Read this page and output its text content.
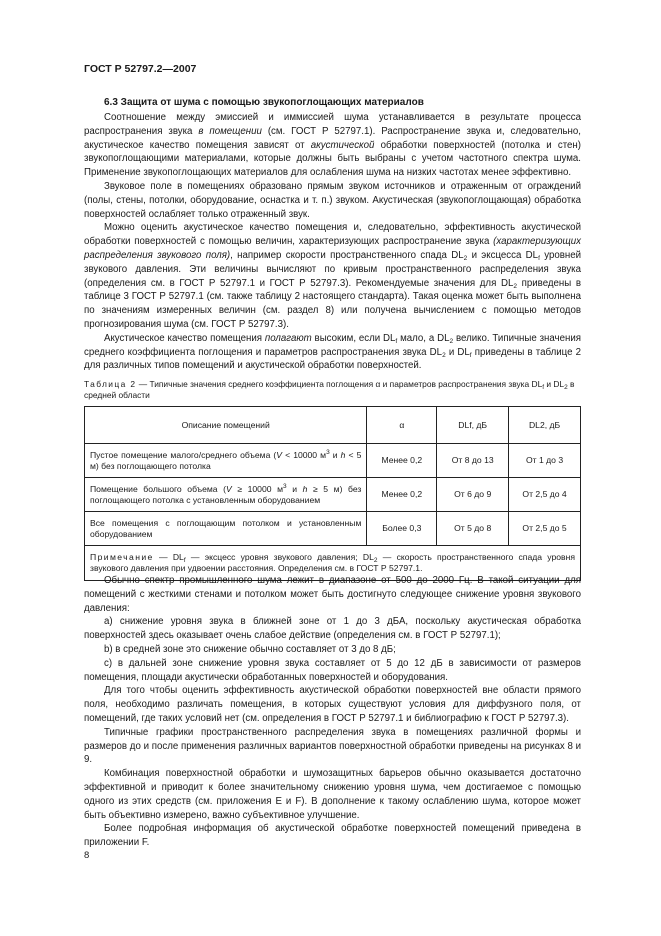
ГОСТ Р 52797.2—2007
6.3 Защита от шума с помощью звукопоглощающих материалов

Соотношение между эмиссией и иммиссией шума устанавливается в результате процесса распространения звука в помещении (см. ГОСТ Р 52797.1). Распространение звука и, следовательно, акустическое качество помещения зависят от акустической обработки поверхностей (потолка и стен) звукопоглощающими материалами, которые должны быть выбраны с учетом частотного спектра шума. Применение звукопоглощающих материалов для ослабления шума на низких частотах менее эффективно.

Звуковое поле в помещениях образовано прямым звуком источников и отраженным от ограждений (полы, стены, потолки, оборудование, оснастка и т. п.) звуком. Акустическая (звукопоглощающая) обработка поверхностей ослабляет только отраженный звук.

Можно оценить акустическое качество помещения и, следовательно, эффективность акустической обработки поверхностей с помощью величин, характеризующих распространение звука (характеризующих распределения звукового поля), например скорости пространственного спада $DL_2$ и эксцесса $DL_f$ уровней звукового давления. Эти величины вычисляют по кривым пространственного распределения звука (определения см. в ГОСТ Р 52797.1 и ГОСТ Р 52797.3). Рекомендуемые значения для $DL_2$ приведены в таблице 3 ГОСТ Р 52797.1 (см. также таблицу 2 настоящего стандарта). Такая оценка может быть выполнена по значениям измеренных величин (см. раздел 8) или получена вычислением с помощью методов прогнозирования шума (см. ГОСТ Р 52797.3).

Акустическое качество помещения полагают высоким, если $DL_f$ мало, а $DL_2$ велико. Типичные значения среднего коэффициента поглощения и параметров распространения звука $DL_2$ и $DL_f$ приведены в таблице 2 для различных типов помещений и акустической обработки поверхностей.

Таблица 2 — Типичные значения среднего коэффициента поглощения α и параметров распространения звука $DL_f$ и $DL_2$ в средней области
Описание помещений	α	DLf, дБ	DL2, дБ
Пустое помещение малого/среднего объема (V < 10000 $м^3$ и h < 5 м) без поглощающего потолка	Менее 0,2	От 8 до 13	От 1 до 3
Помещение большого объема (V ≥ 10000 $м^3$ и h ≥ 5 м) без поглощающего потолка с установленным оборудованием	Менее 0,2	От 6 до 9	От 2,5 до 4
Все помещения с поглощающим потолком и установленным оборудованием	Более 0,3	От 5 до 8	От 2,5 до 5
Примечание — $DL_f$ — эксцесс уровня звукового давления; $DL_2$ — скорость пространственного спада уровня звукового давления при удвоении расстояния. Определения см. в ГОСТ Р 52797.1.			

Обычно спектр промышленного шума лежит в диапазоне от 500 до 2000 Гц. В такой ситуации для помещений с жесткими стенами и потолком может быть достигнуто следующее снижение уровня звукового давления:

a) снижение уровня звука в ближней зоне от 1 до 3 дБА, поскольку акустическая обработка поверхностей здесь оказывает очень слабое действие (определения см. в ГОСТ Р 52797.1);

b) в средней зоне это снижение обычно составляет от 3 до 8 дБ;

c) в дальней зоне снижение уровня звука составляет от 5 до 12 дБ в зависимости от размеров помещения, площади акустически обработанных поверхностей и оборудования.

Для того чтобы оценить эффективность акустической обработки поверхностей вне области прямого поля, необходимо различать помещения, в которых существуют условия для диффузного поля, от помещений, где таких условий нет (см. определения в ГОСТ Р 52797.1 и библиографию к ГОСТ Р 52797.3).

Типичные графики пространственного распределения звука в помещениях различной формы и размеров до и после применения различных вариантов поверхностной обработки приведены на рисунках 8 и 9.

Комбинация поверхностной обработки и шумозащитных барьеров обычно оказывается достаточно эффективной и приводит к более значительному снижению уровня шума, чем достигаемое с помощью одного из этих средств (см. приложения E и F). В дополнение к такому ослаблению шума, которое может быть объективно измерено, важно субъективное улучшение.

Более подробная информация об акустической обработке поверхностей помещений приведена в приложении F.

8
